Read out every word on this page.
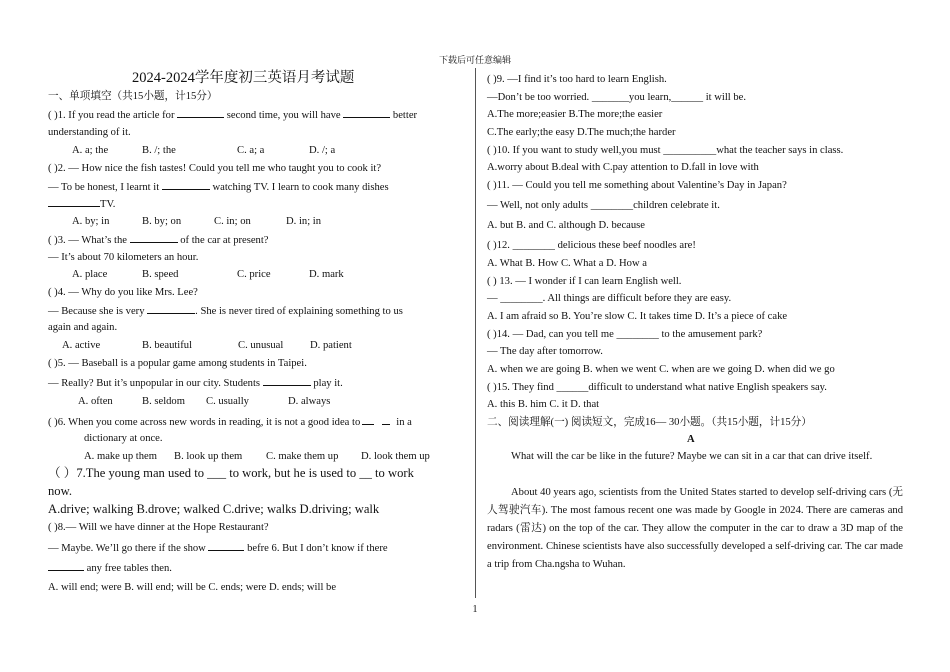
下载后可任意编辑
1
2024-2024学年度初三英语月考试题
一、单项填空（共15小题，计15分）
( )1. If you read the article for	second time, you will have	better
understanding of it.
A. a; the	B. /; the	C. a; a	D. /; a
( )2. — How nice the fish tastes! Could you tell me who taught you to cook it?
— To be honest, I learnt it	watching TV. I learn to cook many dishes
TV.
A. by; in	B. by; on	C. in; on	D. in; in
( )3. — What’s the	of the car at present?
— It’s about 70 kilometers an hour.
A. place	B. speed	C. price	D. mark
( )4. — Why do you like Mrs. Lee?
— Because she is very	. She is never tired of explaining something to us
again and again.
A. active	B. beautiful	C. unusual	D. patient
( )5. — Baseball is a popular game among students in Taipei.
— Really? But it’s unpopular in our city. Students	play it.
A. often	B. seldom C. usually	D. always
( )6. When you come across new words in reading, it is not a good idea to	in a
dictionary at once.
A. make up them B. look up them C. make them up D. look them up
（ ）7.The young man used to ___ to work, but he is used to __ to work
now.
A.drive; walking B.drove; walked C.drive; walks D.driving; walk
( )8.— Will we have dinner at the Hope Restaurant?
— Maybe. We’ll go there if the show	befre 6. But I don’t know if there
any free tables then.
A. will end; were B. will end; will be C. ends; were D. ends; will be
( )9. —I find it’s too hard to learn English.
—Don’t be too worried. _______you learn,______ it will be.
A.The more;easier B.The more;the easier
C.The early;the easy D.The much;the harder
( )10. If you want to study well,you must __________what the teacher says in class.
A.worry about B.deal with C.pay attention to D.fall in love with
( )11. — Could you tell me something about Valentine’s Day in Japan?
— Well, not only adults ________children celebrate it.
A. but B. and C. although D. because
( )12. ________ delicious these beef noodles are!
A. What B. How C. What a D. How a
( ) 13. — I wonder if I can learn English well.
— ________. All things are difficult before they are easy.
A. I am afraid so B. You’re slow C. It takes time D. It’s a piece of cake
( )14. — Dad, can you tell me ________ to the amusement park?
— The day after tomorrow.
A. when we are going B. when we went C. when are we going D. when did we go
( )15. They find ______difficult to understand what native English speakers say.
A. this B. him C. it D. that
二、阅读理解(一) 阅读短文，完成16— 30小题。（共15小题，计15分）
A
What will the car be like in the future? Maybe we can sit in a car that can drive itself.
About 40 years ago, scientists from the United States started to develop self-driving cars (无人驾驶汽车). The most famous recent one was made by Google in 2024. There are cameras and radars (雷达) on the top of the car. They allow the computer in the car to draw a 3D map of the environment. Chinese scientists have also successfully developed a self-driving car. The car made a trip from Cha.ngsha to Wuhan.
